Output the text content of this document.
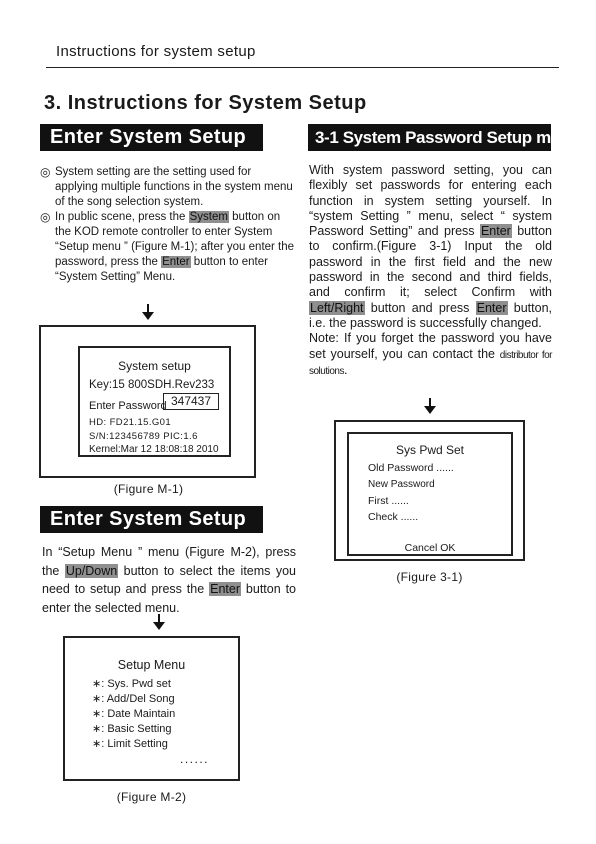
Instructions for system setup
3. Instructions for System Setup
Enter System Setup
◎ System setting are the setting used for applying multiple functions in the system menu of the song selection system.
◎ In public scene, press the System button on the KOD remote controller to enter System “Setup menu ” (Figure M-1); after you enter the password, press the Enter button to enter “System Setting” Menu.
System setup
Key:15 800SDH.Rev233
Enter Password 347437
HD: FD21.15.G01
S/N:123456789 PIC:1.6
Kernel:Mar 12 18:08:18 2010
(Figure M-1)
Enter System Setup
In “Setup Menu ” menu (Figure M-2), press the Up/Down button to select the items you need to setup and press the Enter button to enter the selected menu.
Setup Menu
∗: Sys. Pwd set
∗: Add/Del Song
∗: Date Maintain
∗: Basic Setting
∗: Limit Setting
......
(Figure M-2)
3-1 System Password Setup menu
With system password setting, you can flexibly set passwords for entering each function in system setting yourself. In “system Setting ” menu, select “ system Password Setting” and press Enter button to confirm.(Figure 3-1) Input the old password in the first field and the new password in the second and third fields, and confirm it; select Confirm with Left/Right button and press Enter button, i.e. the password is successfully changed.
Note: If you forget the password you have set yourself, you can contact the distributor for solutions.
Sys Pwd Set
Old Password ......
New Password
First ......
Check ......
Cancel OK
(Figure 3-1)
